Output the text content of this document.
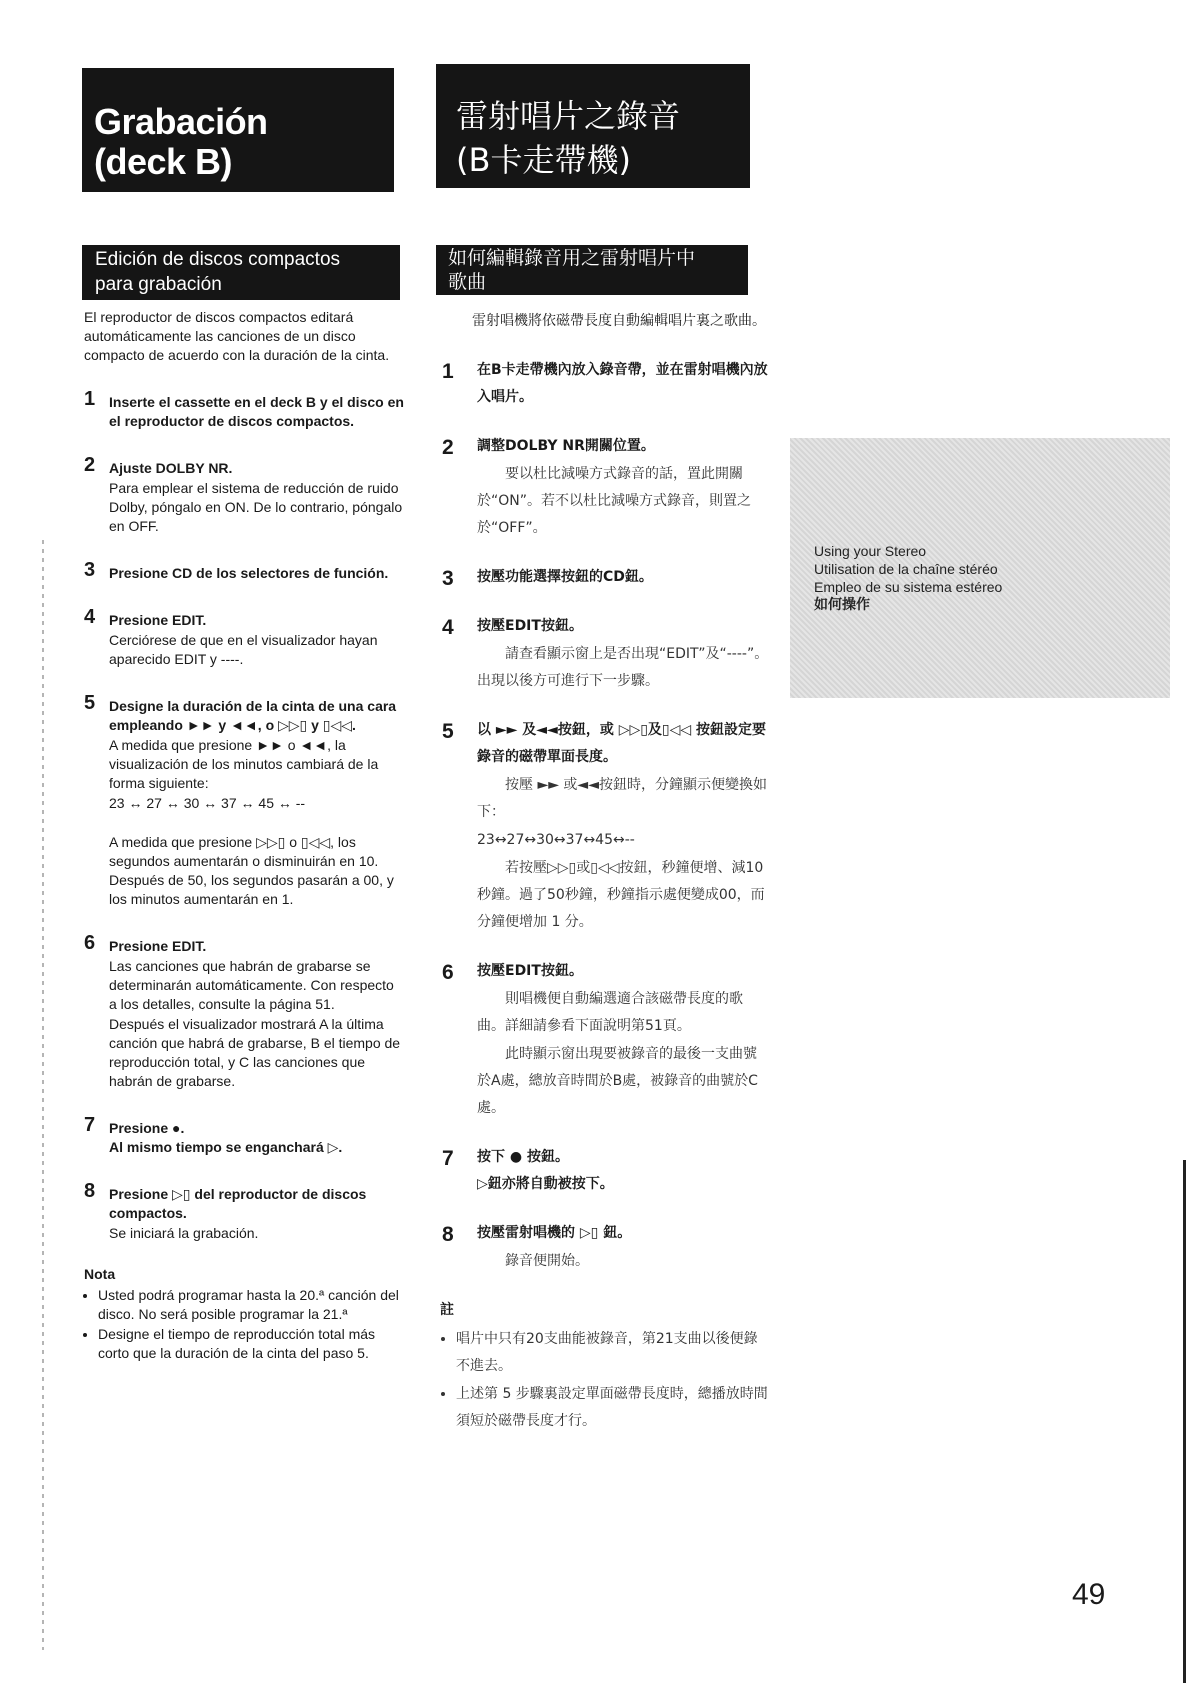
Grabación
(deck B)
雷射唱片之錄音
(B卡走帶機)
Edición de discos compactos
para grabación
如何編輯錄音用之雷射唱片中
歌曲

El reproductor de discos compactos editará automáticamente las canciones de un disco compacto de acuerdo con la duración de la cinta.

1 Inserte el cassette en el deck B y el disco en el reproductor de discos compactos.
2 Ajuste DOLBY NR.
Para emplear el sistema de reducción de ruido Dolby, póngalo en ON. De lo contrario, póngalo en OFF.
3 Presione CD de los selectores de función.
4 Presione EDIT.
Cerciórese de que en el visualizador hayan aparecido EDIT y ----.
5 Designe la duración de la cinta de una cara empleando ►► y ◄◄, o ▷▷▯ y ▯◁◁.
A medida que presione ►► o ◄◄, la visualización de los minutos cambiará de la forma siguiente:
23 ↔ 27 ↔ 30 ↔ 37 ↔ 45 ↔ --
A medida que presione ▷▷▯ o ▯◁◁, los segundos aumentarán o disminuirán en 10. Después de 50, los segundos pasarán a 00, y los minutos aumentarán en 1.
6 Presione EDIT.
Las canciones que habrán de grabarse se determinarán automáticamente. Con respecto a los detalles, consulte la página 51.
Después el visualizador mostrará A la última canción que habrá de grabarse, B el tiempo de reproducción total, y C las canciones que habrán de grabarse.
7 Presione ●.
Al mismo tiempo se enganchará ▷.
8 Presione ▷▯ del reproductor de discos compactos.
Se iniciará la grabación.
Nota
• Usted podrá programar hasta la 20.ª canción del disco. No será posible programar la 21.ª
• Designe el tiempo de reproducción total más corto que la duración de la cinta del paso 5.

雷射唱機將依磁帶長度自動編輯唱片裏之歌曲。

1 在B卡走帶機內放入錄音帶，並在雷射唱機內放入唱片。
2 調整DOLBY NR開關位置。
要以杜比減噪方式錄音的話，置此開關於“ON”。若不以杜比減噪方式錄音，則置之於“OFF”。
3 按壓功能選擇按鈕的CD鈕。
4 按壓EDIT按鈕。
請查看顯示窗上是否出現“EDIT”及“----”。出現以後方可進行下一步驟。
5 以 ►► 及◄◄按鈕，或 ▷▷▯及▯◁◁ 按鈕設定要錄音的磁帶單面長度。
按壓 ►► 或◄◄按鈕時，分鐘顯示便變換如下：
23↔27↔30↔37↔45↔--
若按壓▷▷▯或▯◁◁按鈕，秒鐘便增、減10秒鐘。過了50秒鐘，秒鐘指示處便變成00，而分鐘便增加 1 分。
6 按壓EDIT按鈕。
則唱機便自動編選適合該磁帶長度的歌曲。詳細請參看下面說明第51頁。
此時顯示窗出現要被錄音的最後一支曲號於A處，總放音時間於B處，被錄音的曲號於C處。
7 按下 ● 按鈕。
▷鈕亦將自動被按下。
8 按壓雷射唱機的 ▷▯ 鈕。
錄音便開始。
註
• 唱片中只有20支曲能被錄音，第21支曲以後便錄不進去。
• 上述第 5 步驟裏設定單面磁帶長度時，總播放時間須短於磁帶長度才行。
Using your Stereo
Utilisation de la chaîne stéréo
Empleo de su sistema estéreo
如何操作
49
